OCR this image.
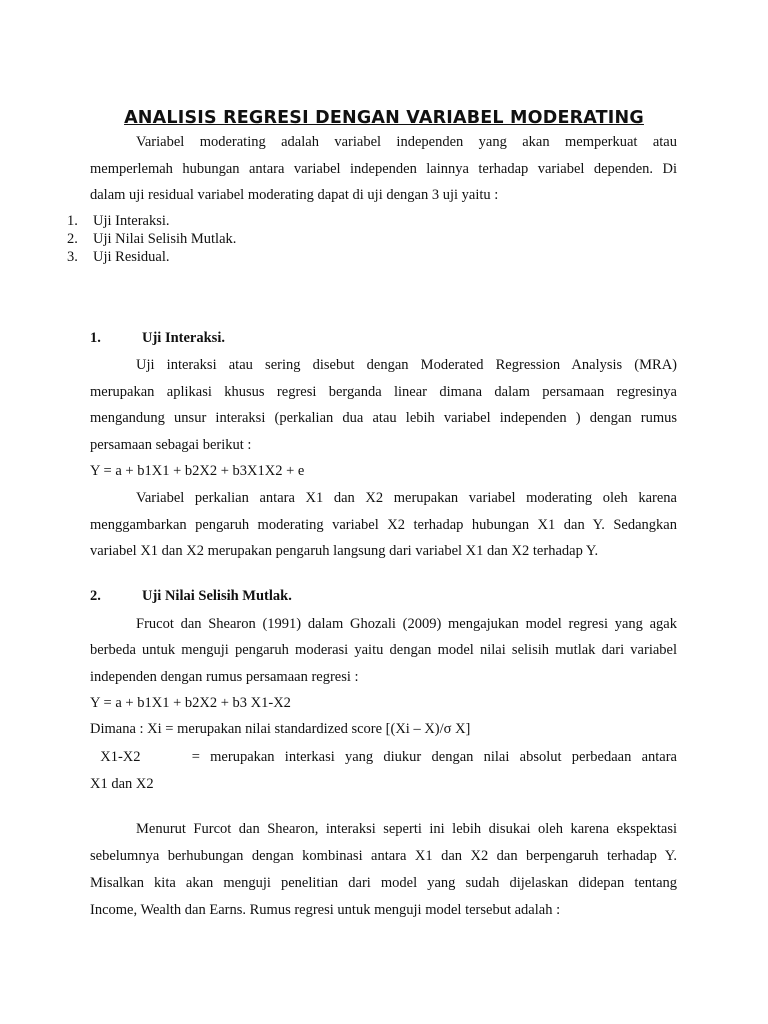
ANALISIS REGRESI DENGAN VARIABEL MODERATING
Variabel moderating adalah variabel independen yang akan memperkuat atau
memperlemah hubungan antara variabel independen lainnya terhadap variabel dependen. Di
dalam uji residual variabel moderating dapat di uji dengan 3 uji yaitu :
1. Uji Interaksi.
2. Uji Nilai Selisih Mutlak.
3. Uji Residual.
1.	Uji Interaksi.
Uji interaksi atau sering disebut dengan Moderated Regression Analysis (MRA)
merupakan aplikasi khusus regresi berganda linear dimana dalam persamaan regresinya
mengandung unsur interaksi (perkalian dua atau lebih variabel independen ) dengan rumus
persamaan sebagai berikut :
Y = a + b1X1 + b2X2 + b3X1X2 + e
Variabel perkalian antara X1 dan X2 merupakan variabel moderating oleh karena
menggambarkan pengaruh moderating variabel X2 terhadap hubungan X1 dan Y. Sedangkan
variabel X1 dan X2 merupakan pengaruh langsung dari variabel X1 dan X2 terhadap Y.
2.	Uji Nilai Selisih Mutlak.
Frucot dan Shearon (1991) dalam Ghozali (2009) mengajukan model regresi yang agak
berbeda untuk menguji pengaruh moderasi yaitu dengan model nilai selisih mutlak dari variabel
independen dengan rumus persamaan regresi :
Y = a + b1X1 + b2X2 + b3 X1-X2
Dimana : Xi = merupakan nilai standardized score [(Xi – X)/σ X]
X1-X2     = merupakan interkasi yang diukur dengan nilai absolut perbedaan antara
X1 dan X2
Menurut Furcot dan Shearon, interaksi seperti ini lebih disukai oleh karena ekspektasi
sebelumnya berhubungan dengan kombinasi antara X1 dan X2 dan berpengaruh terhadap Y.
Misalkan kita akan menguji penelitian dari model yang sudah dijelaskan didepan tentang
Income, Wealth dan Earns. Rumus regresi untuk menguji model tersebut adalah :
